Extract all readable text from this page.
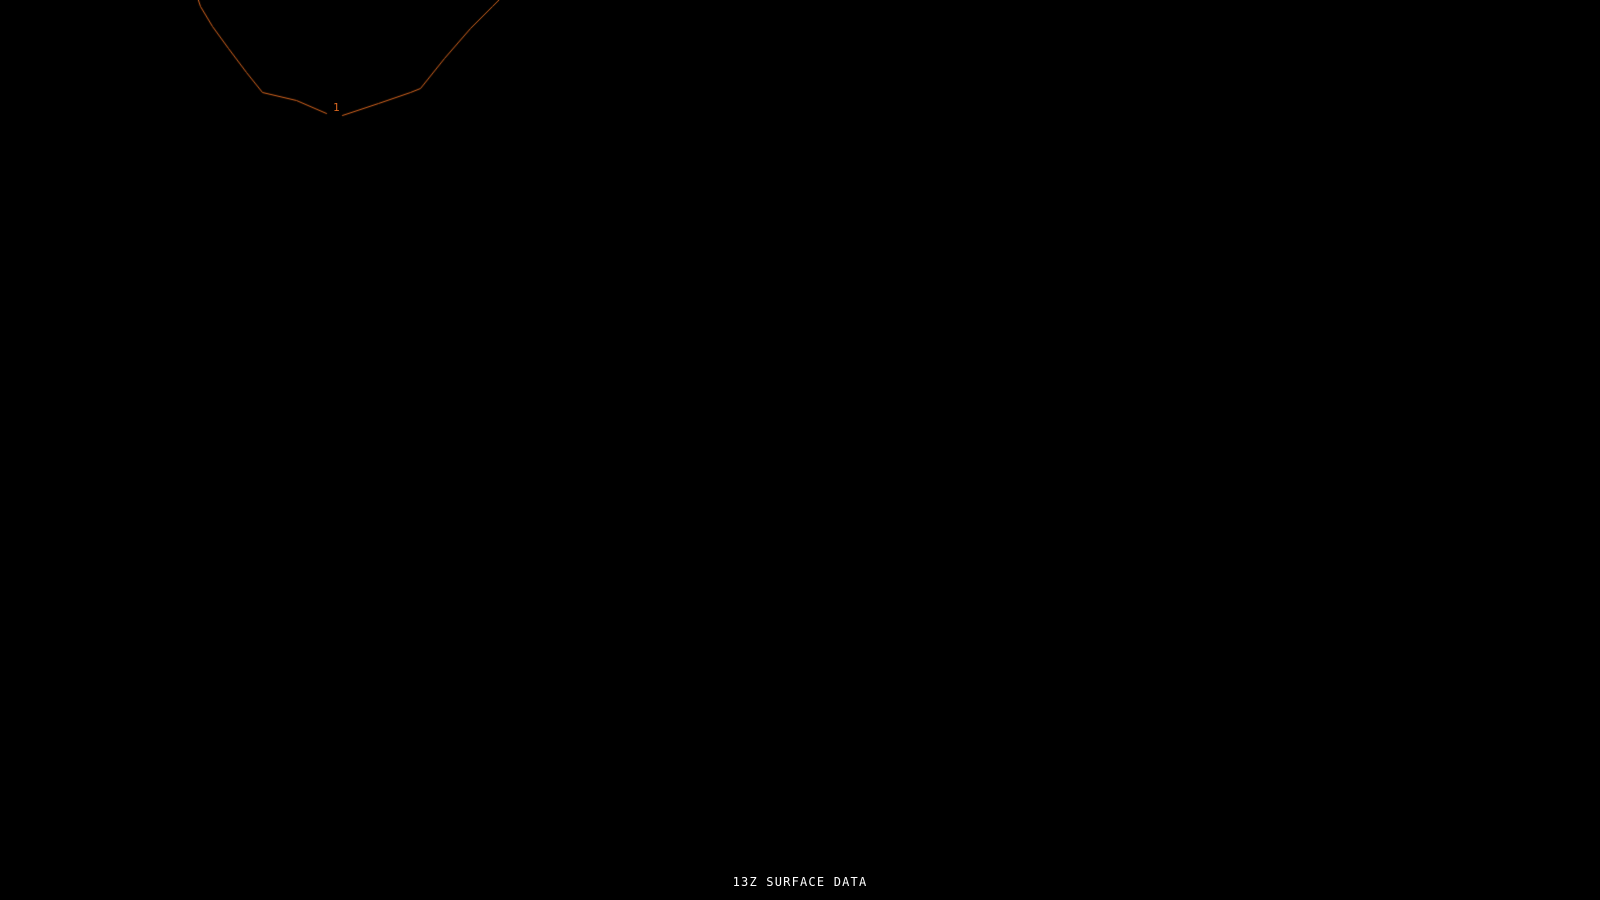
1
13Z SURFACE DATA
